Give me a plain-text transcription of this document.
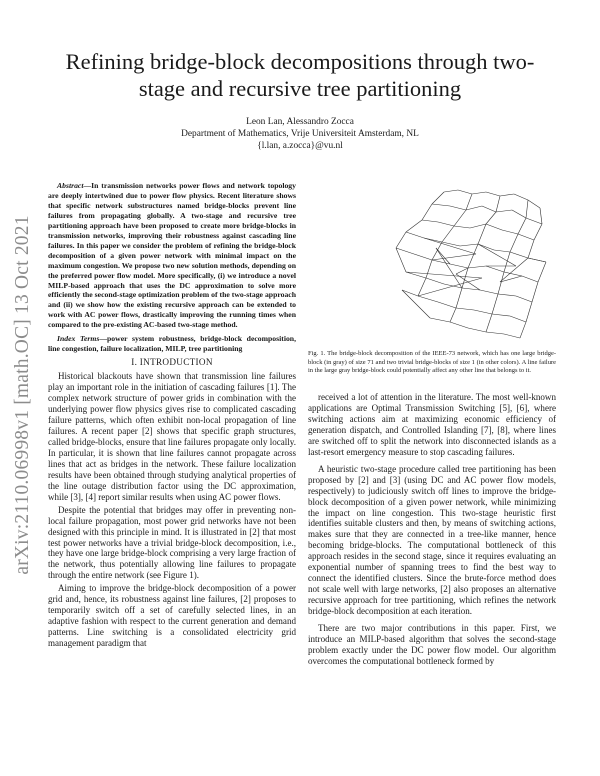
arXiv:2110.06998v1 [math.OC] 13 Oct 2021
Refining bridge-block decompositions through two-stage and recursive tree partitioning
Leon Lan, Alessandro Zocca
Department of Mathematics, Vrije Universiteit Amsterdam, NL
{l.lan, a.zocca}@vu.nl

Abstract—In transmission networks power flows and network topology are deeply intertwined due to power flow physics. Recent literature shows that specific network substructures named bridge-blocks prevent line failures from propagating globally. A two-stage and recursive tree partitioning approach have been proposed to create more bridge-blocks in transmission networks, improving their robustness against cascading line failures. In this paper we consider the problem of refining the bridge-block decomposition of a given power network with minimal impact on the maximum congestion. We propose two new solution methods, depending on the preferred power flow model. More specifically, (i) we introduce a novel MILP-based approach that uses the DC approximation to solve more efficiently the second-stage optimization problem of the two-stage approach and (ii) we show how the existing recursive approach can be extended to work with AC power flows, drastically improving the running times when compared to the pre-existing AC-based two-stage method.

Index Terms—power system robustness, bridge-block decomposition, line congestion, failure localization, MILP, tree partitioning

I. INTRODUCTION

Historical blackouts have shown that transmission line failures play an important role in the initiation of cascading failures [1]. The complex network structure of power grids in combination with the underlying power flow physics gives rise to complicated cascading failure patterns, which often exhibit non-local propagation of line failures. A recent paper [2] shows that specific graph structures, called bridge-blocks, ensure that line failures propagate only locally. In particular, it is shown that line failures cannot propagate across lines that act as bridges in the network. These failure localization results have been obtained through studying analytical properties of the line outage distribution factor using the DC approximation, while [3], [4] report similar results when using AC power flows.

Despite the potential that bridges may offer in preventing non-local failure propagation, most power grid networks have not been designed with this principle in mind. It is illustrated in [2] that most test power networks have a trivial bridge-block decomposition, i.e., they have one large bridge-block comprising a very large fraction of the network, thus potentially allowing line failures to propagate through the entire network (see Figure 1).

Aiming to improve the bridge-block decomposition of a power grid and, hence, its robustness against line failures, [2] proposes to temporarily switch off a set of carefully selected lines, in an adaptive fashion with respect to the current generation and demand patterns. Line switching is a consolidated electricity grid management paradigm that

Fig. 1. The bridge-block decomposition of the IEEE-73 network, which has one large bridge-block (in gray) of size 71 and two trivial bridge-blocks of size 1 (in other colors). A line failure in the large gray bridge-block could potentially affect any other line that belongs to it.

received a lot of attention in the literature. The most well-known applications are Optimal Transmission Switching [5], [6], where switching actions aim at maximizing economic efficiency of generation dispatch, and Controlled Islanding [7], [8], where lines are switched off to split the network into disconnected islands as a last-resort emergency measure to stop cascading failures.

A heuristic two-stage procedure called tree partitioning has been proposed by [2] and [3] (using DC and AC power flow models, respectively) to judiciously switch off lines to improve the bridge-block decomposition of a given power network, while minimizing the impact on line congestion. This two-stage heuristic first identifies suitable clusters and then, by means of switching actions, makes sure that they are connected in a tree-like manner, hence becoming bridge-blocks. The computational bottleneck of this approach resides in the second stage, since it requires evaluating an exponential number of spanning trees to find the best way to connect the identified clusters. Since the brute-force method does not scale well with large networks, [2] also proposes an alternative recursive approach for tree partitioning, which refines the network bridge-block decomposition at each iteration.

There are two major contributions in this paper. First, we introduce an MILP-based algorithm that solves the second-stage problem exactly under the DC power flow model. Our algorithm overcomes the computational bottleneck formed by
